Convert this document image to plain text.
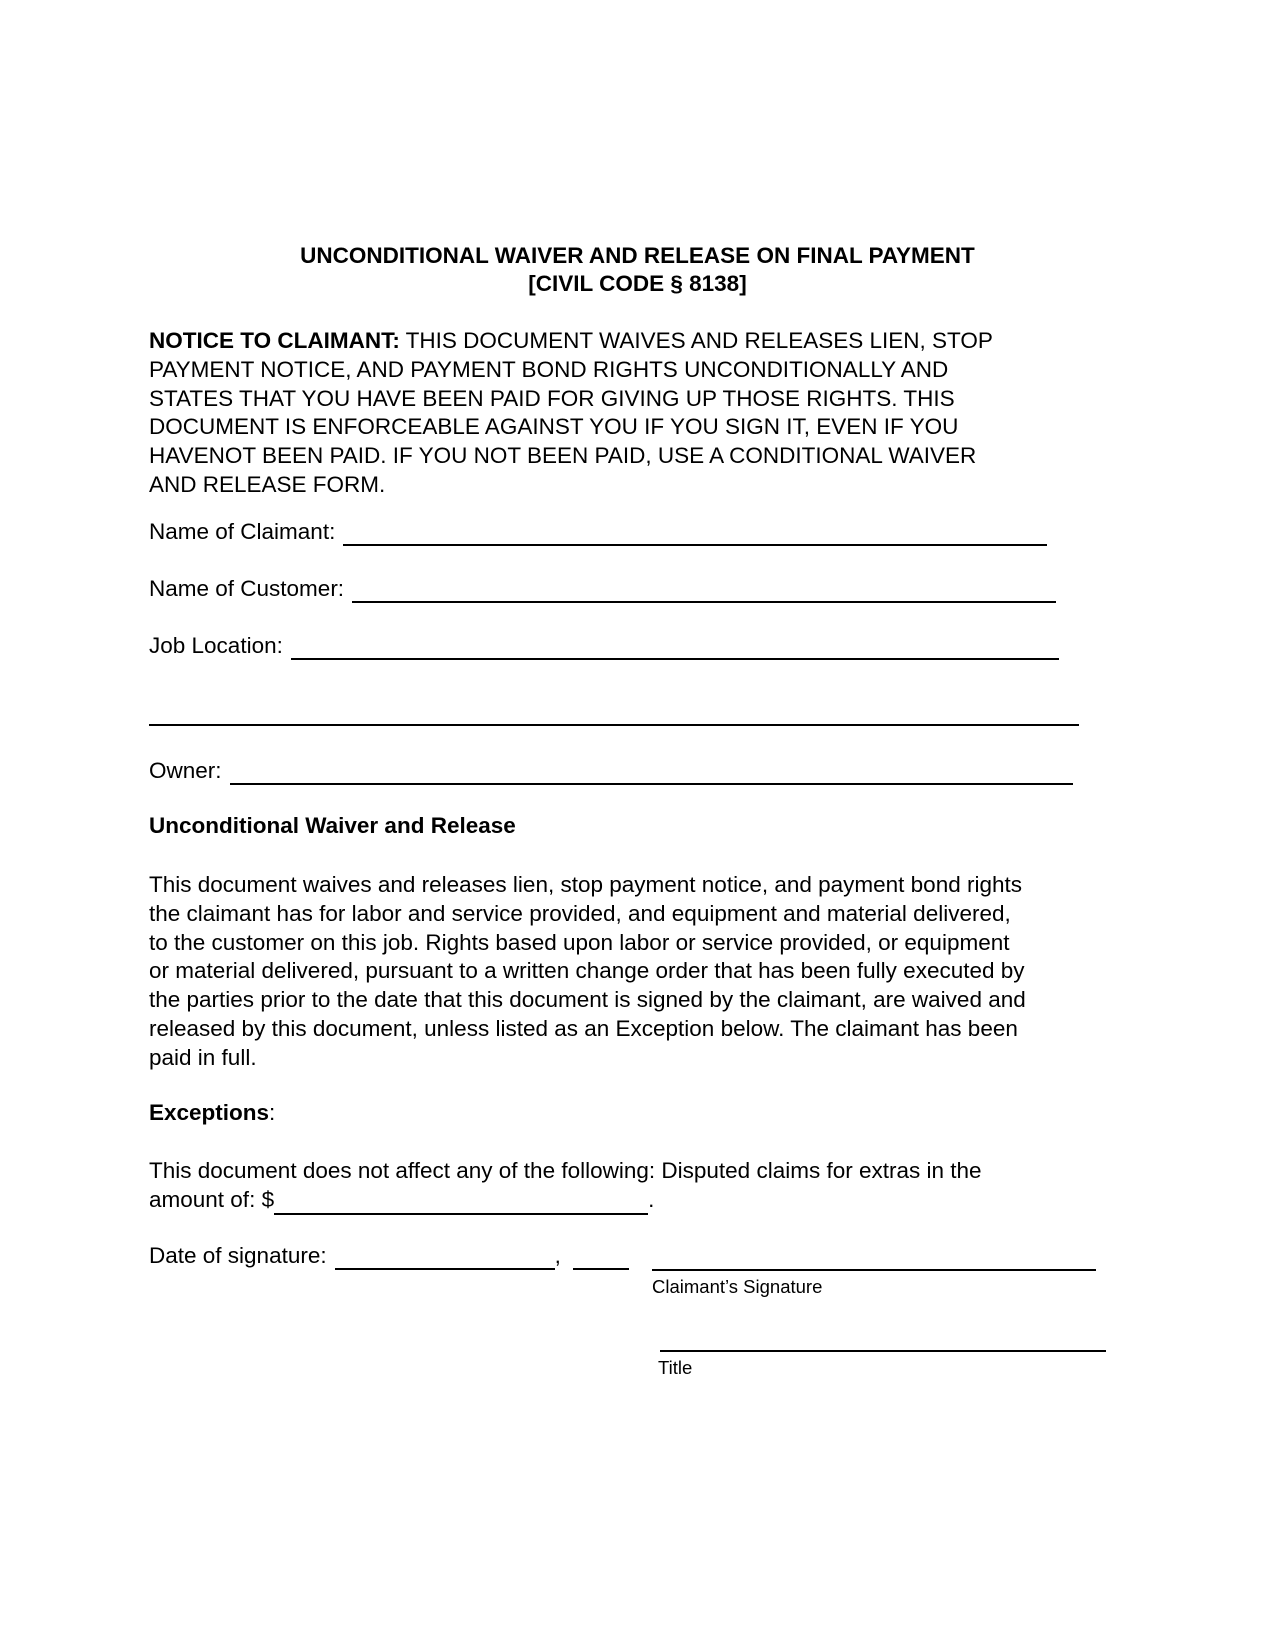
UNCONDITIONAL WAIVER AND RELEASE ON FINAL PAYMENT
[CIVIL CODE § 8138]
NOTICE TO CLAIMANT: THIS DOCUMENT WAIVES AND RELEASES LIEN, STOP
PAYMENT NOTICE, AND PAYMENT BOND RIGHTS UNCONDITIONALLY AND
STATES THAT YOU HAVE BEEN PAID FOR GIVING UP THOSE RIGHTS. THIS
DOCUMENT IS ENFORCEABLE AGAINST YOU IF YOU SIGN IT, EVEN IF YOU
HAVENOT BEEN PAID. IF YOU NOT BEEN PAID, USE A CONDITIONAL WAIVER
AND RELEASE FORM.
Name of Claimant:
Name of Customer:
Job Location:
Owner:
Unconditional Waiver and Release
This document waives and releases lien, stop payment notice, and payment bond rights
the claimant has for labor and service provided, and equipment and material delivered,
to the customer on this job. Rights based upon labor or service provided, or equipment
or material delivered, pursuant to a written change order that has been fully executed by
the parties prior to the date that this document is signed by the claimant, are waived and
released by this document, unless listed as an Exception below. The claimant has been
paid in full.
Exceptions:
This document does not affect any of the following: Disputed claims for extras in the
amount of: $	.
Date of signature:	,
Claimant’s Signature
Title
